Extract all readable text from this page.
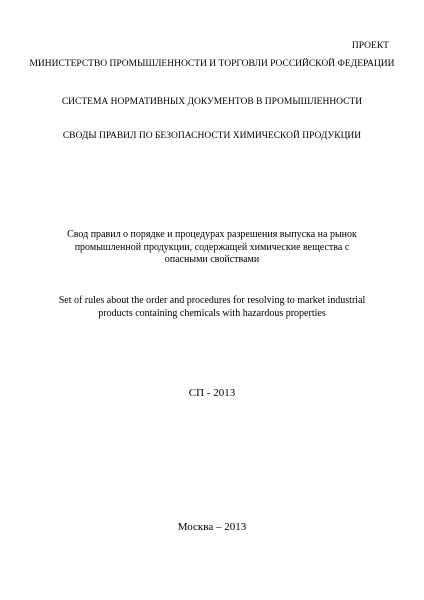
ПРОЕКТ
МИНИСТЕРСТВО ПРОМЫШЛЕННОСТИ И ТОРГОВЛИ РОССИЙСКОЙ ФЕДЕРАЦИИ
СИСТЕМА НОРМАТИВНЫХ ДОКУМЕНТОВ В ПРОМЫШЛЕННОСТИ
СВОДЫ ПРАВИЛ ПО БЕЗОПАСНОСТИ ХИМИЧЕСКОЙ ПРОДУКЦИИ
Свод правил о порядке и процедурах разрешения выпуска на рынок промышленной продукции, содержащей химические вещества с опасными свойствами
Set of rules about the order and procedures for resolving to market industrial products containing chemicals with hazardous properties
СП - 2013
Москва – 2013
